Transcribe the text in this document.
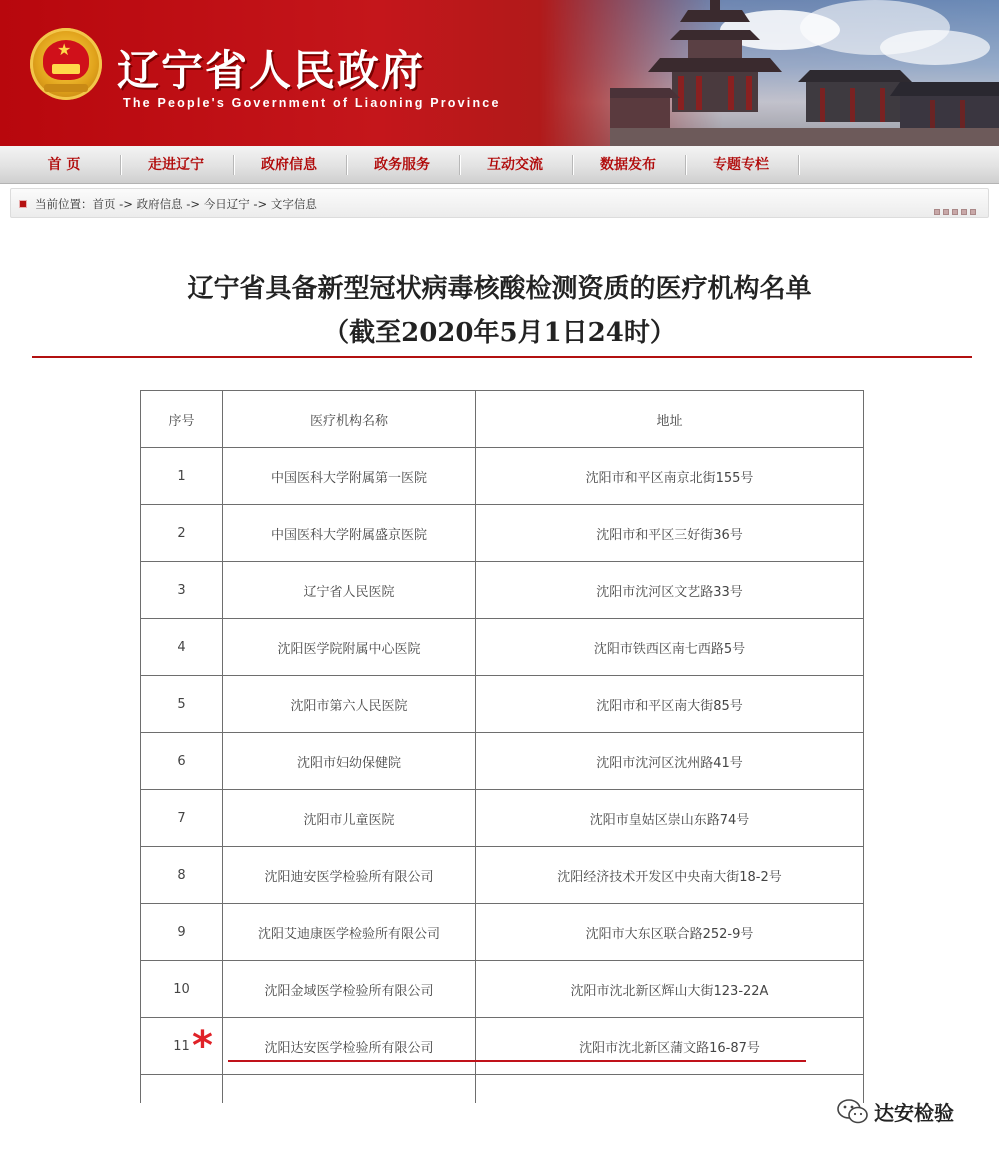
★ 辽宁省人民政府
The People's Government of Liaoning Province
首 页	走进辽宁	政府信息	政务服务	互动交流	数据发布	专题专栏
当前位置：首页 -> 政府信息 -> 今日辽宁 -> 文字信息
辽宁省具备新型冠状病毒核酸检测资质的医疗机构名单
（截至2020年5月1日24时）
序号	医疗机构名称	地址
1	中国医科大学附属第一医院	沈阳市和平区南京北街155号
2	中国医科大学附属盛京医院	沈阳市和平区三好街36号
3	辽宁省人民医院	沈阳市沈河区文艺路33号
4	沈阳医学院附属中心医院	沈阳市铁西区南七西路5号
5	沈阳市第六人民医院	沈阳市和平区南大街85号
6	沈阳市妇幼保健院	沈阳市沈河区沈州路41号
7	沈阳市儿童医院	沈阳市皇姑区崇山东路74号
8	沈阳迪安医学检验所有限公司	沈阳经济技术开发区中央南大街18-2号
9	沈阳艾迪康医学检验所有限公司	沈阳市大东区联合路252-9号
10	沈阳金域医学检验所有限公司	沈阳市沈北新区辉山大街123-22A
11	沈阳达安医学检验所有限公司	沈阳市沈北新区蒲文路16-87号

*
达安检验
